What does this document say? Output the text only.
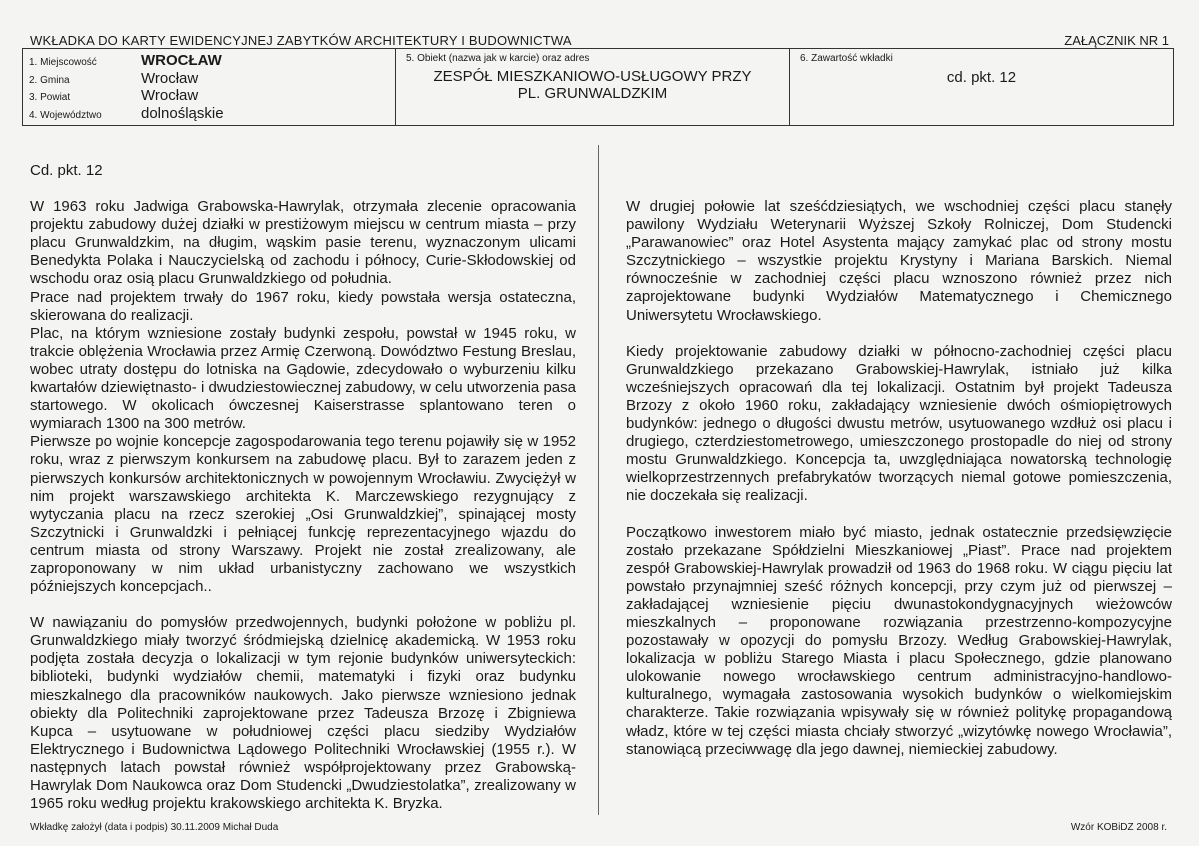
WKŁADKA DO KARTY EWIDENCYJNEJ ZABYTKÓW ARCHITEKTURY I BUDOWNICTWA	ZAŁĄCZNIK NR 1
1. Miejscowość	WROCŁAW
2. Gmina	Wrocław
3. Powiat	Wrocław
4. Województwo	dolnośląskie
5. Obiekt (nazwa jak w karcie) oraz adres
ZESPÓŁ MIESZKANIOWO-USŁUGOWY PRZY
PL. GRUNWALDZKIM
6. Zawartość wkładki
cd. pkt. 12

Cd. pkt. 12

W 1963 roku Jadwiga Grabowska-Hawrylak, otrzymała zlecenie opracowania projektu zabudowy dużej działki w prestiżowym miejscu w centrum miasta – przy placu Grunwaldzkim, na długim, wąskim pasie terenu, wyznaczonym ulicami Benedykta Polaka i Nauczycielską od zachodu i północy, Curie-Skłodowskiej od wschodu oraz osią placu Grunwaldzkiego od południa.

Prace nad projektem trwały do 1967 roku, kiedy powstała wersja ostateczna, skierowana do realizacji.

Plac, na którym wzniesione zostały budynki zespołu, powstał w 1945 roku, w trakcie oblężenia Wrocławia przez Armię Czerwoną. Dowództwo Festung Breslau, wobec utraty dostępu do lotniska na Gądowie, zdecydowało o wyburzeniu kilku kwartałów dziewiętnasto- i dwudziestowiecznej zabudowy, w celu utworzenia pasa startowego. W okolicach ówczesnej Kaiserstrasse splantowano teren o wymiarach 1300 na 300 metrów.

Pierwsze po wojnie koncepcje zagospodarowania tego terenu pojawiły się w 1952 roku, wraz z pierwszym konkursem na zabudowę placu. Był to zarazem jeden z pierwszych konkursów architektonicznych w powojennym Wrocławiu. Zwyciężył w nim projekt warszawskiego architekta K. Marczewskiego rezygnujący z wytyczania placu na rzecz szerokiej „Osi Grunwaldzkiej”, spinającej mosty Szczytnicki i Grunwaldzki i pełniącej funkcję reprezentacyjnego wjazdu do centrum miasta od strony Warszawy. Projekt nie został zrealizowany, ale zaproponowany w nim układ urbanistyczny zachowano we wszystkich późniejszych koncepcjach..

W nawiązaniu do pomysłów przedwojennych, budynki położone w pobliżu pl. Grunwaldzkiego miały tworzyć śródmiejską dzielnicę akademicką. W 1953 roku podjęta została decyzja o lokalizacji w tym rejonie budynków uniwersyteckich: biblioteki, budynki wydziałów chemii, matematyki i fizyki oraz budynku mieszkalnego dla pracowników naukowych. Jako pierwsze wzniesiono jednak obiekty dla Politechniki zaprojektowane przez Tadeusza Brzozę i Zbigniewa Kupca – usytuowane w południowej części placu siedziby Wydziałów Elektrycznego i Budownictwa Lądowego Politechniki Wrocławskiej (1955 r.). W następnych latach powstał również współprojektowany przez Grabowską-Hawrylak Dom Naukowca oraz Dom Studencki „Dwudziestolatka”, zrealizowany w 1965 roku według projektu krakowskiego architekta K. Bryzka.

W drugiej połowie lat sześćdziesiątych, we wschodniej części placu stanęły pawilony Wydziału Weterynarii Wyższej Szkoły Rolniczej, Dom Studencki „Parawanowiec” oraz Hotel Asystenta mający zamykać plac od strony mostu Szczytnickiego – wszystkie projektu Krystyny i Mariana Barskich. Niemal równocześnie w zachodniej części placu wznoszono również przez nich zaprojektowane budynki Wydziałów Matematycznego i Chemicznego Uniwersytetu Wrocławskiego.

Kiedy projektowanie zabudowy działki w północno-zachodniej części placu Grunwaldzkiego przekazano Grabowskiej-Hawrylak, istniało już kilka wcześniejszych opracowań dla tej lokalizacji. Ostatnim był projekt Tadeusza Brzozy z około 1960 roku, zakładający wzniesienie dwóch ośmiopiętrowych budynków: jednego o długości dwustu metrów, usytuowanego wzdłuż osi placu i drugiego, czterdziestometrowego, umieszczonego prostopadle do niej od strony mostu Grunwaldzkiego. Koncepcja ta, uwzględniająca nowatorską technologię wielkoprzestrzennych prefabrykatów tworzących niemal gotowe pomieszczenia, nie doczekała się realizacji.

Początkowo inwestorem miało być miasto, jednak ostatecznie przedsięwzięcie zostało przekazane Spółdzielni Mieszkaniowej „Piast”. Prace nad projektem zespół Grabowskiej-Hawrylak prowadził od 1963 do 1968 roku. W ciągu pięciu lat powstało przynajmniej sześć różnych koncepcji, przy czym już od pierwszej – zakładającej wzniesienie pięciu dwunastokondygnacyjnych wieżowców mieszkalnych – proponowane rozwiązania przestrzenno-kompozycyjne pozostawały w opozycji do pomysłu Brzozy. Według Grabowskiej-Hawrylak, lokalizacja w pobliżu Starego Miasta i placu Społecznego, gdzie planowano ulokowanie nowego wrocławskiego centrum administracyjno-handlowo-kulturalnego, wymagała zastosowania wysokich budynków o wielkomiejskim charakterze. Takie rozwiązania wpisywały się w również politykę propagandową władz, które w tej części miasta chciały stworzyć „wizytówkę nowego Wrocławia”, stanowiącą przeciwwagę dla jego dawnej, niemieckiej zabudowy.

Wkładkę założył (data i podpis) 30.11.2009 Michał Duda	Wzór KOBiDZ 2008 r.
